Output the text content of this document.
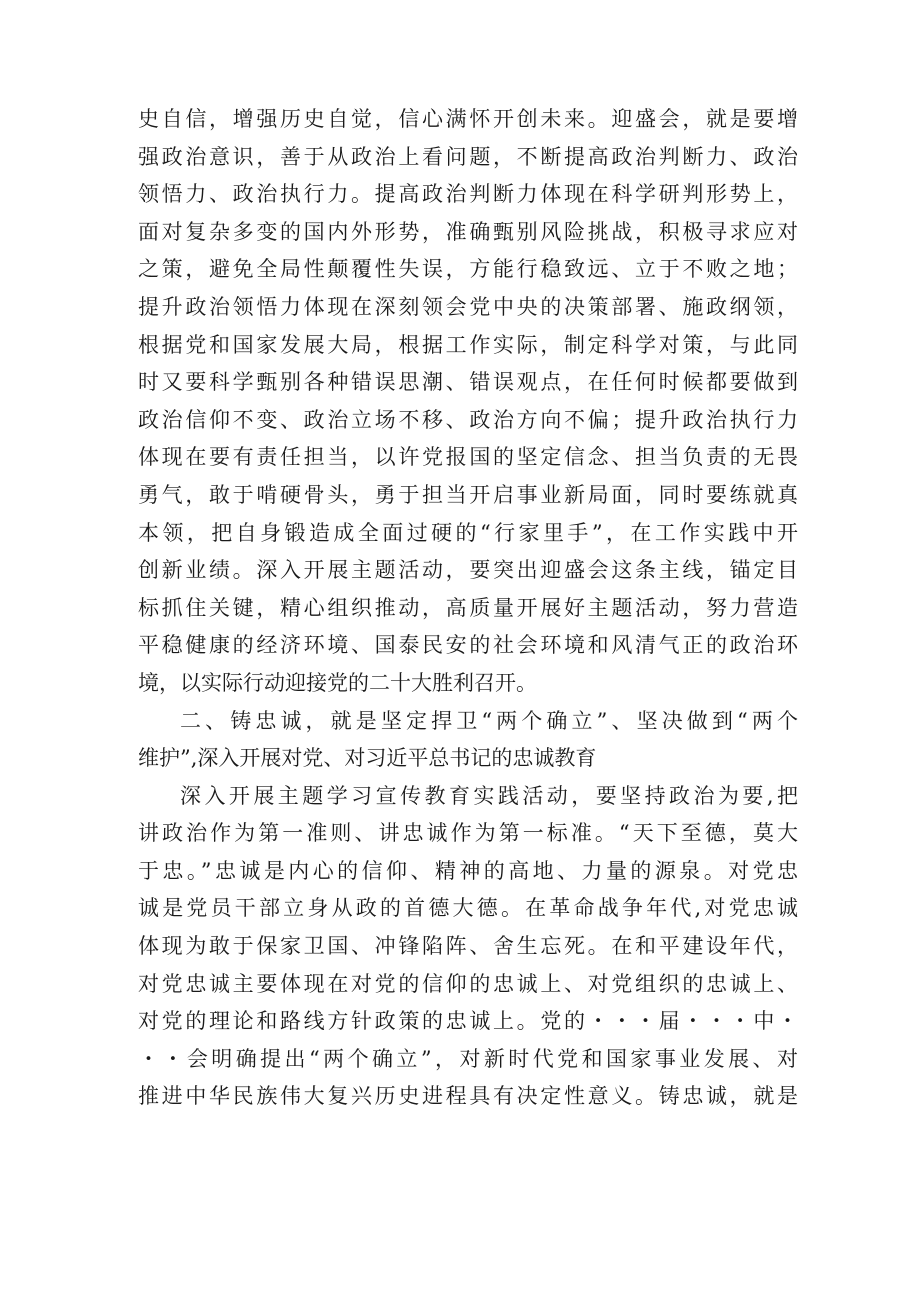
史自信，增强历史自觉，信心满怀开创未来。迎盛会，就是要增
强政治意识，善于从政治上看问题，不断提高政治判断力、政治
领悟力、政治执行力。提高政治判断力体现在科学研判形势上，
面对复杂多变的国内外形势，准确甄别风险挑战，积极寻求应对
之策，避免全局性颠覆性失误，方能行稳致远、立于不败之地；
提升政治领悟力体现在深刻领会党中央的决策部署、施政纲领，
根据党和国家发展大局，根据工作实际，制定科学对策，与此同
时又要科学甄别各种错误思潮、错误观点，在任何时候都要做到
政治信仰不变、政治立场不移、政治方向不偏；提升政治执行力
体现在要有责任担当，以许党报国的坚定信念、担当负责的无畏
勇气，敢于啃硬骨头，勇于担当开启事业新局面，同时要练就真
本领，把自身锻造成全面过硬的“行家里手”，在工作实践中开
创新业绩。深入开展主题活动，要突出迎盛会这条主线，锚定目
标抓住关键，精心组织推动，高质量开展好主题活动，努力营造
平稳健康的经济环境、国泰民安的社会环境和风清气正的政治环
境，以实际行动迎接党的二十大胜利召开。
二、铸忠诚，就是坚定捍卫“两个确立”、坚决做到“两个
维护”,深入开展对党、对习近平总书记的忠诚教育
深入开展主题学习宣传教育实践活动，要坚持政治为要,把
讲政治作为第一准则、讲忠诚作为第一标准。“天下至德，莫大
于忠。”忠诚是内心的信仰、精神的高地、力量的源泉。对党忠
诚是党员干部立身从政的首德大德。在革命战争年代,对党忠诚
体现为敢于保家卫国、冲锋陷阵、舍生忘死。在和平建设年代，
对党忠诚主要体现在对党的信仰的忠诚上、对党组织的忠诚上、
对党的理论和路线方针政策的忠诚上。党的・・・届・・・中・
・・会明确提出“两个确立”，对新时代党和国家事业发展、对
推进中华民族伟大复兴历史进程具有决定性意义。铸忠诚，就是
